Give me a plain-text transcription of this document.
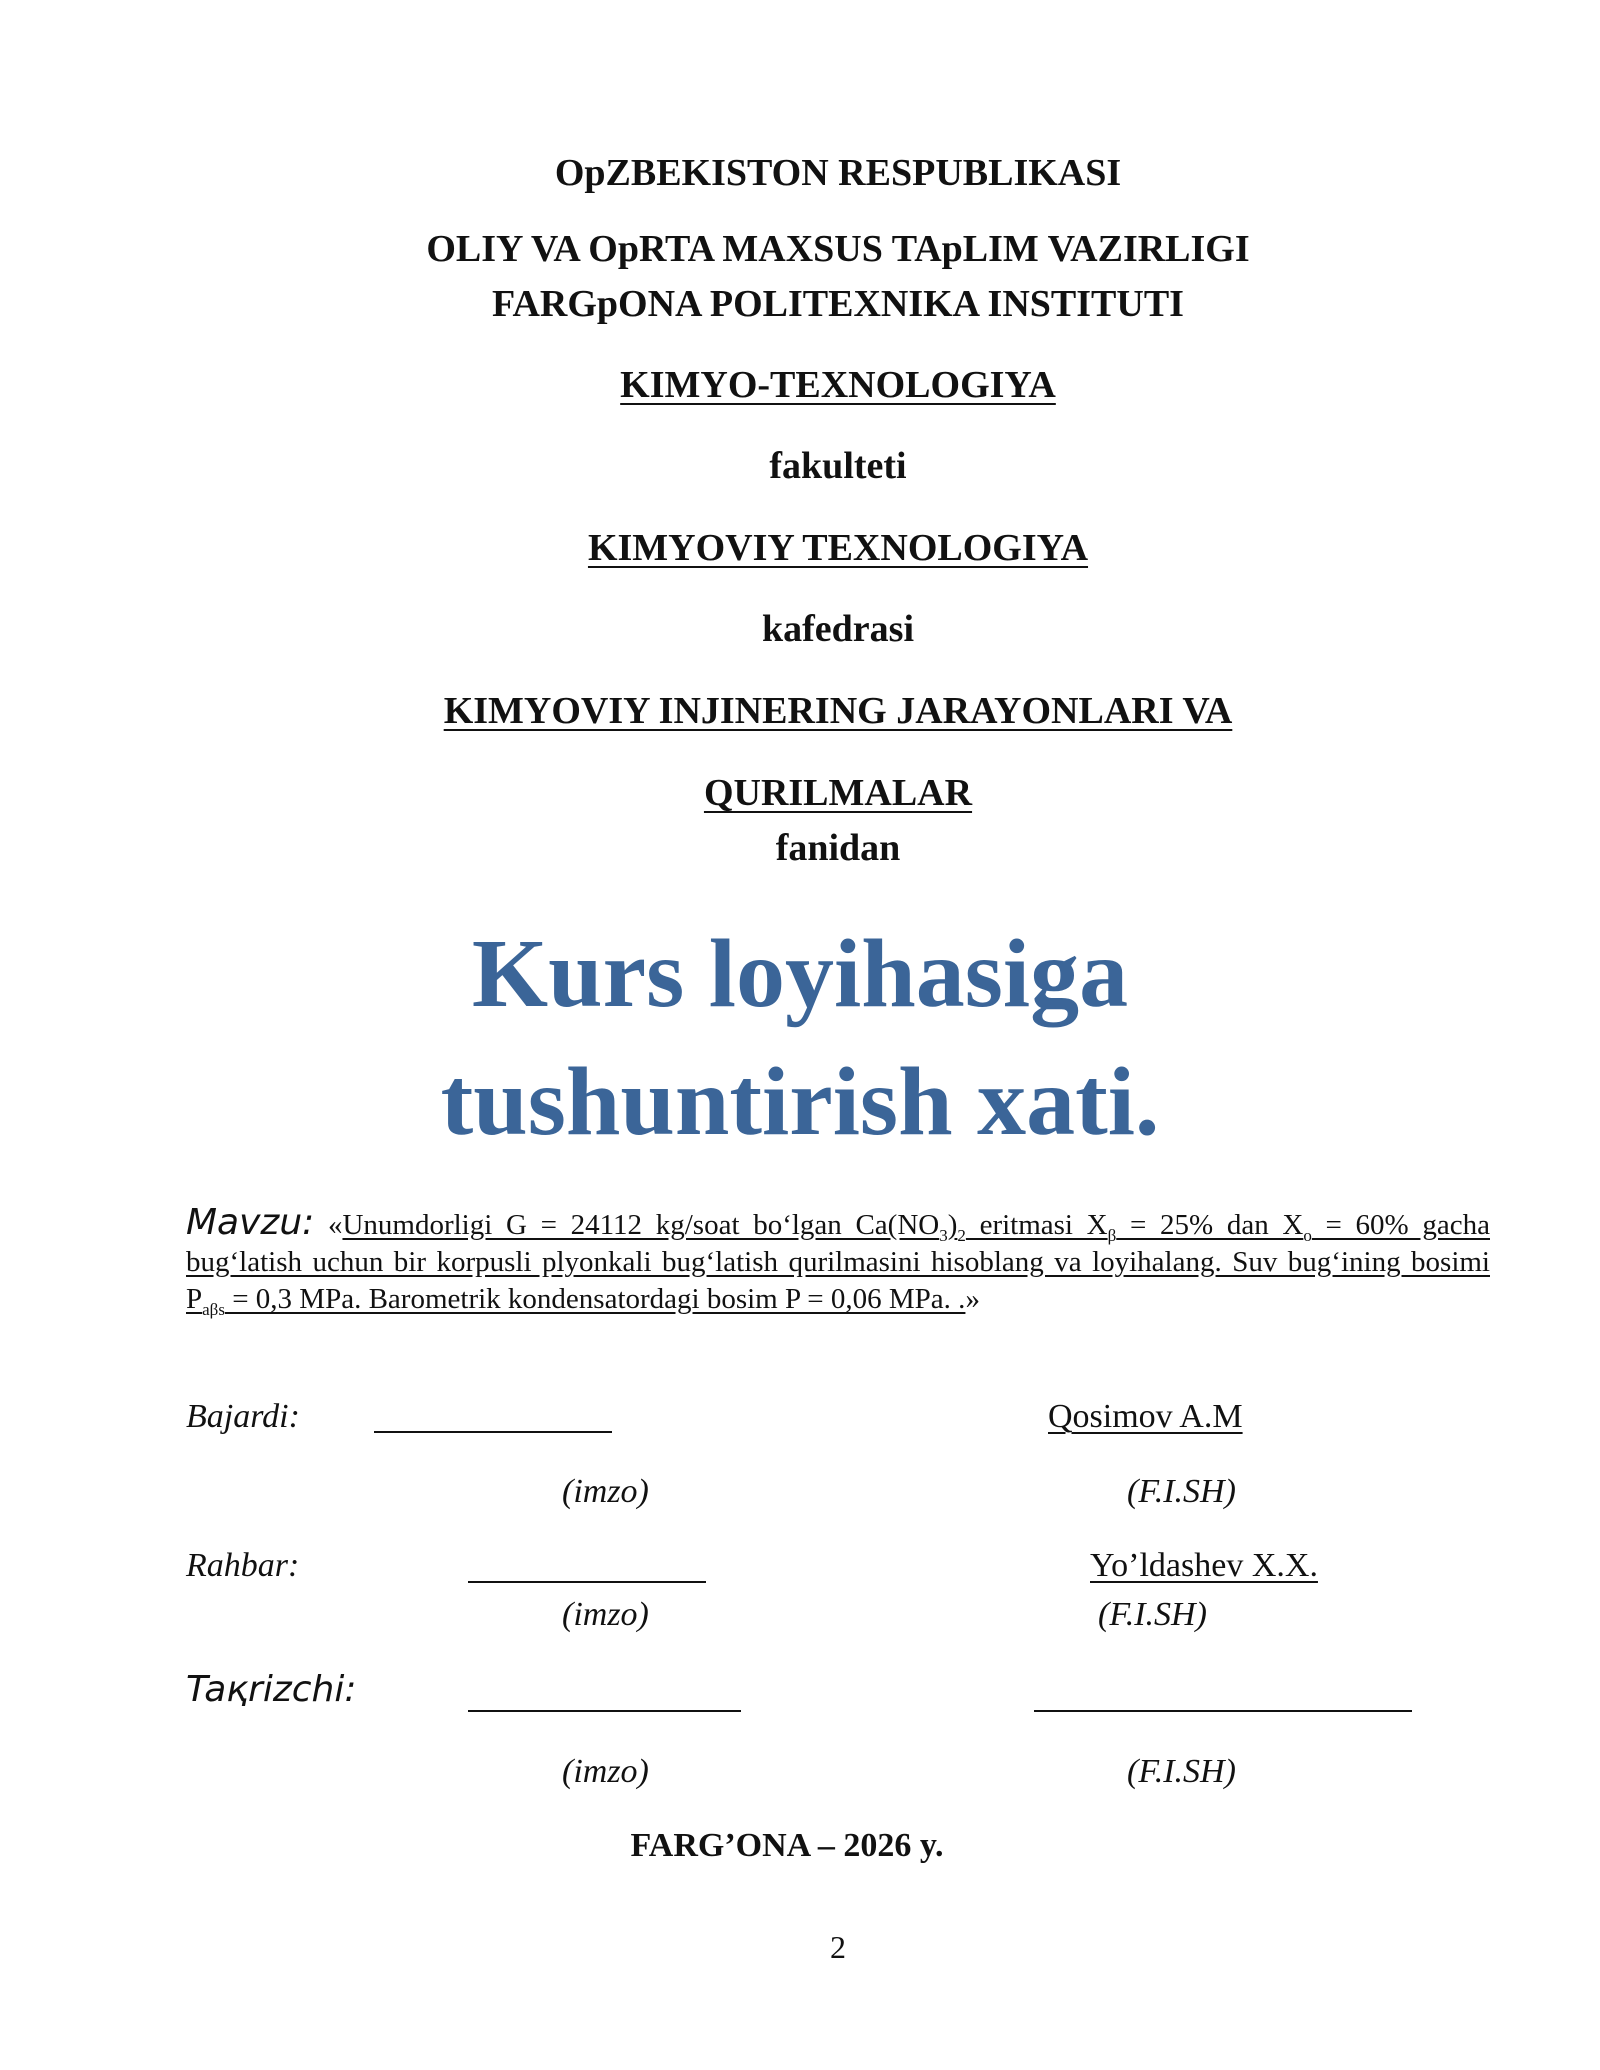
OpZBEKISTON RESPUBLIKASI
OLIY VA OpRTA MAXSUS TApLIM VAZIRLIGI
FARGpONA POLITEXNIKA INSTITUTI
KIMYO-TEXNOLOGIYA
fakulteti
KIMYOVIY TEXNOLOGIYA
kafedrasi
KIMYOVIY INJINERING JARAYONLARI VA
QURILMALAR
fanidan
Kurs loyihasiga
tushuntirish xati.
Mavzu: «Unumdorligi G = 24112 kg/soat bo‘lgan $Ca(NO_3)_2$ eritmasi $X_\beta = 25\%$ dan $X_o = 60\%$ gacha bug‘latish uchun bir korpusli plyonkali bug‘latish qurilmasini hisoblang va loyihalang. Suv bug‘ining bosimi $P_{a\beta s} = 0,3$ MPa. Barometrik kondensatordagi bosim P = 0,06 MPa. .»
Bajardi:	Qosimov A.M
(imzo)	(F.I.SH)
Rahbar:	Yo’ldashev X.X.
(imzo)	(F.I.SH)
Taқrizchi:
(imzo)	(F.I.SH)
FARG’ONA – 2026 y.
2
